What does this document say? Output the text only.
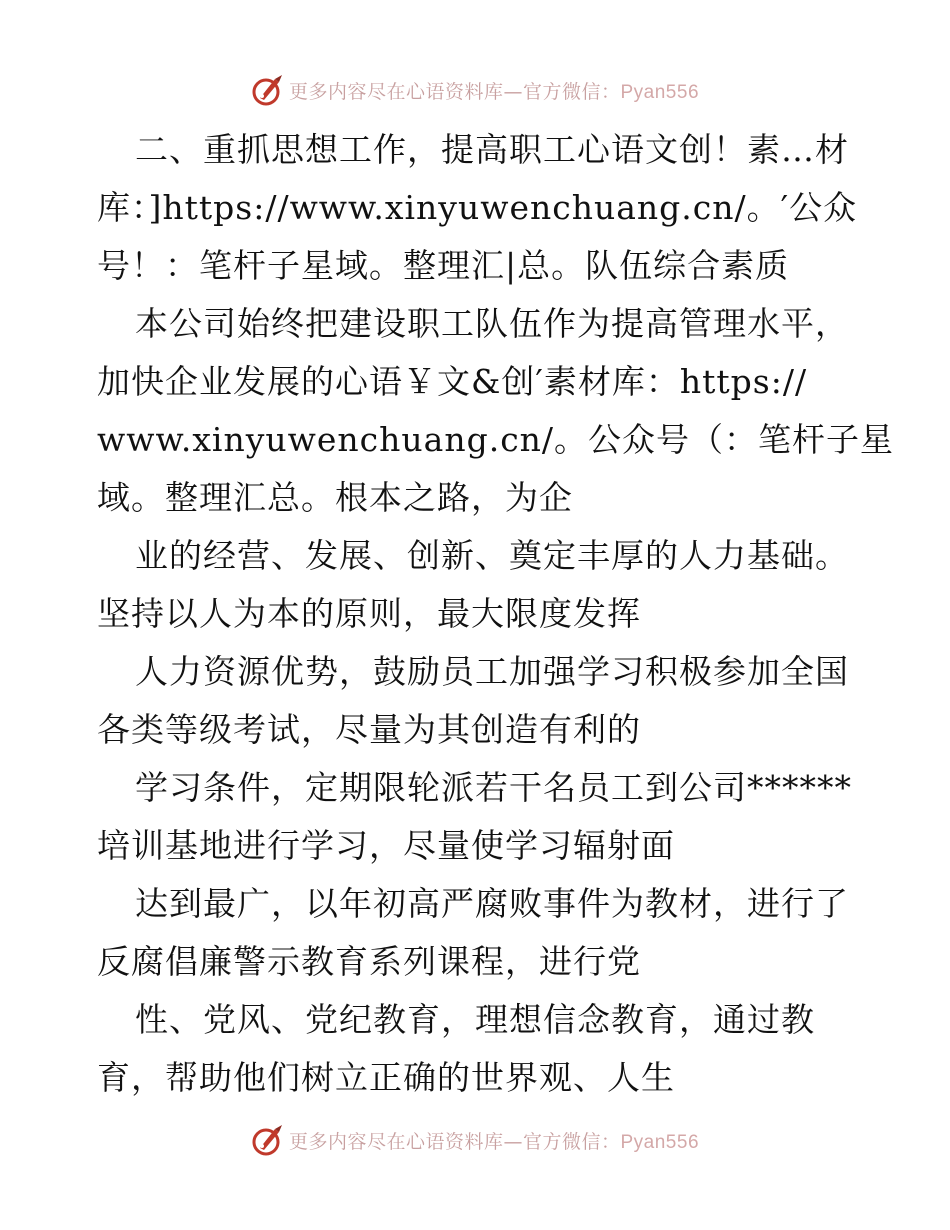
更多内容尽在心语资料库—官方微信：Pyan556
二、重抓思想工作，提高职工心语文创！素…材
库：]https://www.xinyuwenchuang.cn/。′公众
号！：笔杆子星域。整理汇|总。队伍综合素质
本公司始终把建设职工队伍作为提高管理水平，
加快企业发展的心语￥文&创′素材库：https://
www.xinyuwenchuang.cn/。公众号（：笔杆子星
域。整理汇总。根本之路，为企
业的经营、发展、创新、奠定丰厚的人力基础。
坚持以人为本的原则，最大限度发挥
人力资源优势，鼓励员工加强学习积极参加全国
各类等级考试，尽量为其创造有利的
学习条件，定期限轮派若干名员工到公司******
培训基地进行学习，尽量使学习辐射面
达到最广，以年初高严腐败事件为教材，进行了
反腐倡廉警示教育系列课程，进行党
性、党风、党纪教育，理想信念教育，通过教
育，帮助他们树立正确的世界观、人生
更多内容尽在心语资料库—官方微信：Pyan556
